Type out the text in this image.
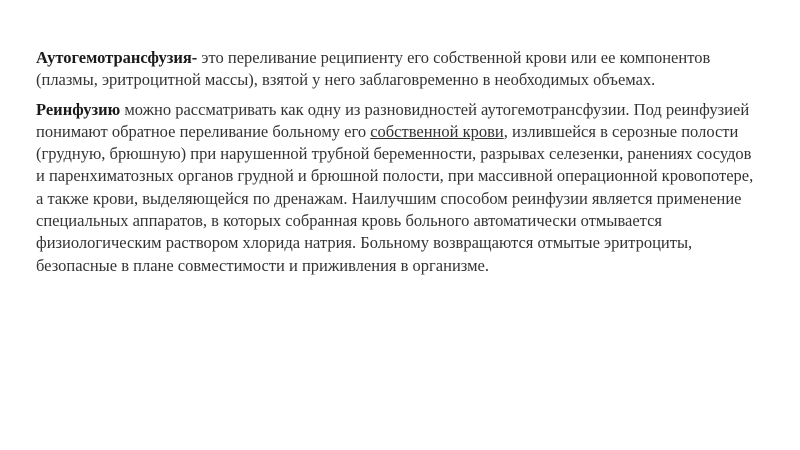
Аутогемотрансфузия- это переливание реципиенту его собственной крови или ее компонентов (плазмы, эритроцитной массы), взятой у него заблаговременно в необходимых объемах.

Реинфузию можно рассматривать как одну из разновидностей аутогемотрансфузии. Под реинфузией понимают обратное переливание больному его собственной крови, излившейся в серозные полости (грудную, брюшную) при нарушенной трубной беременности, разрывах селезенки, ранениях сосудов и паренхиматозных органов грудной и брюшной полости, при массивной операционной кровопотере, а также крови, выделяющейся по дренажам. Наилучшим способом реинфузии является применение специальных аппаратов, в которых собранная кровь больного автоматически отмывается физиологическим раствором хлорида натрия. Больному возвращаются отмытые эритроциты, безопасные в плане совместимости и приживления в организме.
